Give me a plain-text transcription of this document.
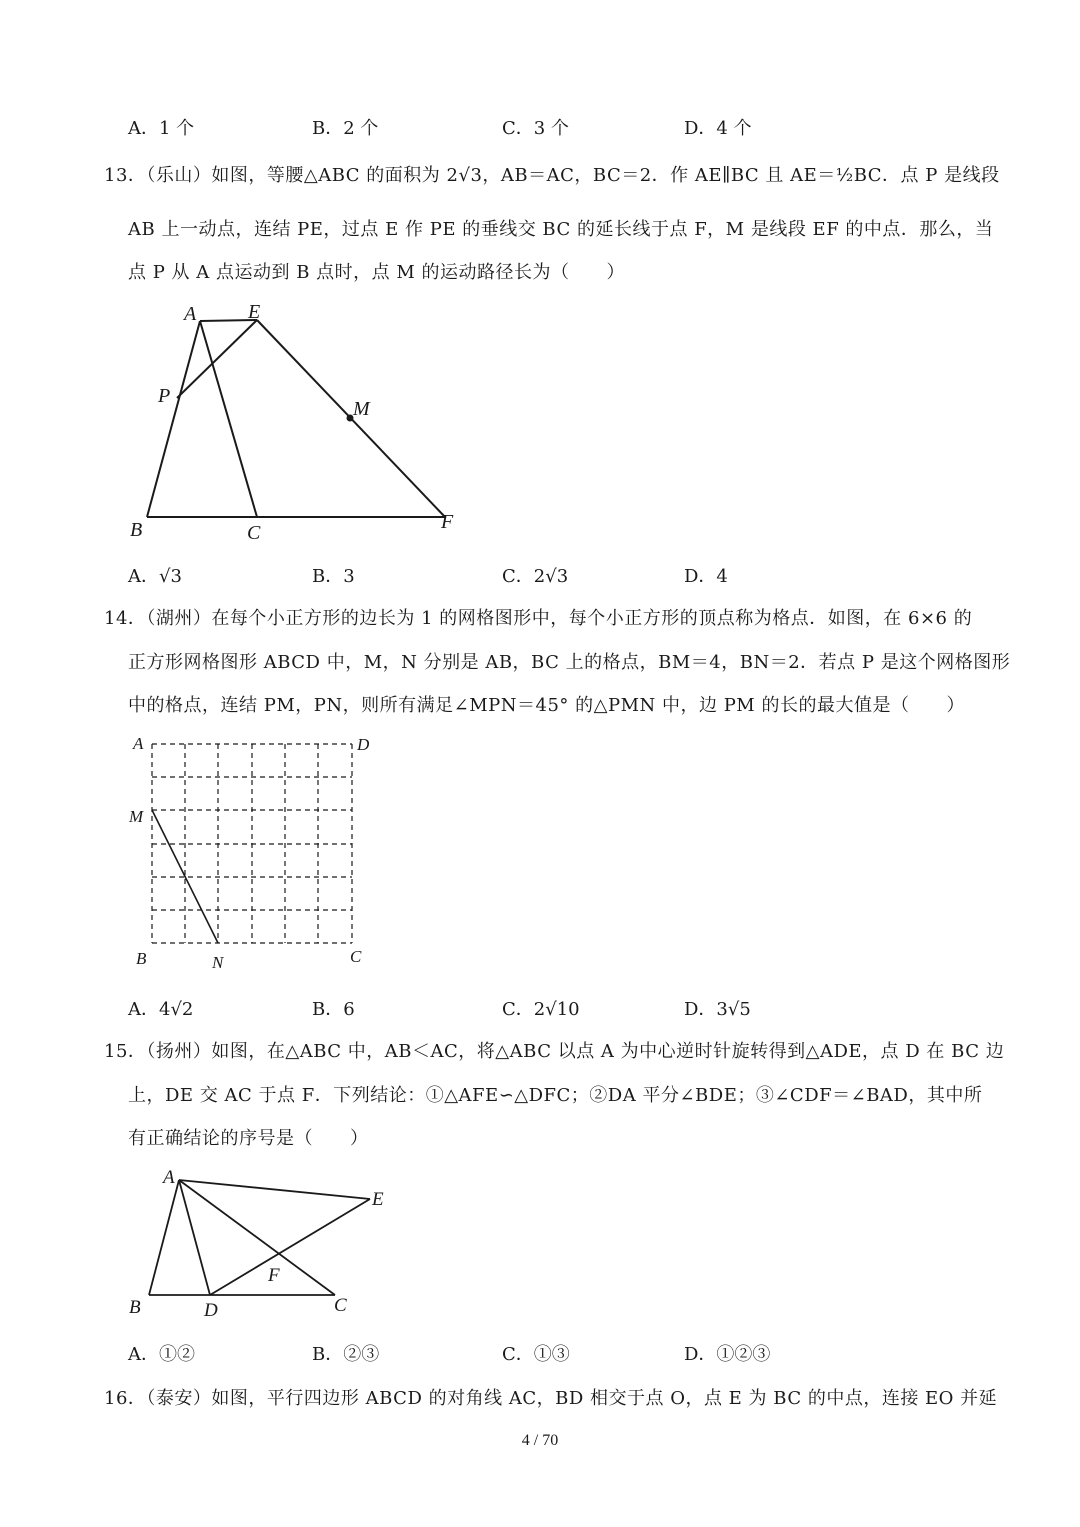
A．1 个	B．2 个	C．3 个	D．4 个
13．（乐山）如图，等腰△ABC 的面积为 2√3，AB＝AC，BC＝2．作 AE∥BC 且 AE＝½BC．点 P 是线段
AB 上一动点，连结 PE，过点 E 作 PE 的垂线交 BC 的延长线于点 F，M 是线段 EF 的中点．那么，当
点 P 从 A 点运动到 B 点时，点 M 的运动路径长为（　　）
A	E
P
M
B	C	F
A．√3	B．3	C．2√3	D．4
14．（湖州）在每个小正方形的边长为 1 的网格图形中，每个小正方形的顶点称为格点．如图，在 6×6 的
正方形网格图形 ABCD 中，M，N 分别是 AB，BC 上的格点，BM＝4，BN＝2．若点 P 是这个网格图形
中的格点，连结 PM，PN，则所有满足∠MPN＝45° 的△PMN 中，边 PM 的长的最大值是（　　）
A	D
M
B	N	C
A．4√2	B．6	C．2√10	D．3√5
15．（扬州）如图，在△ABC 中，AB＜AC，将△ABC 以点 A 为中心逆时针旋转得到△ADE，点 D 在 BC 边
上，DE 交 AC 于点 F．下列结论：①△AFE∽△DFC；②DA 平分∠BDE；③∠CDF＝∠BAD，其中所
有正确结论的序号是（　　）
A
E
F
B	D	C
A．①②	B．②③	C．①③	D．①②③
16．（泰安）如图，平行四边形 ABCD 的对角线 AC，BD 相交于点 O，点 E 为 BC 的中点，连接 EO 并延
4 / 70
